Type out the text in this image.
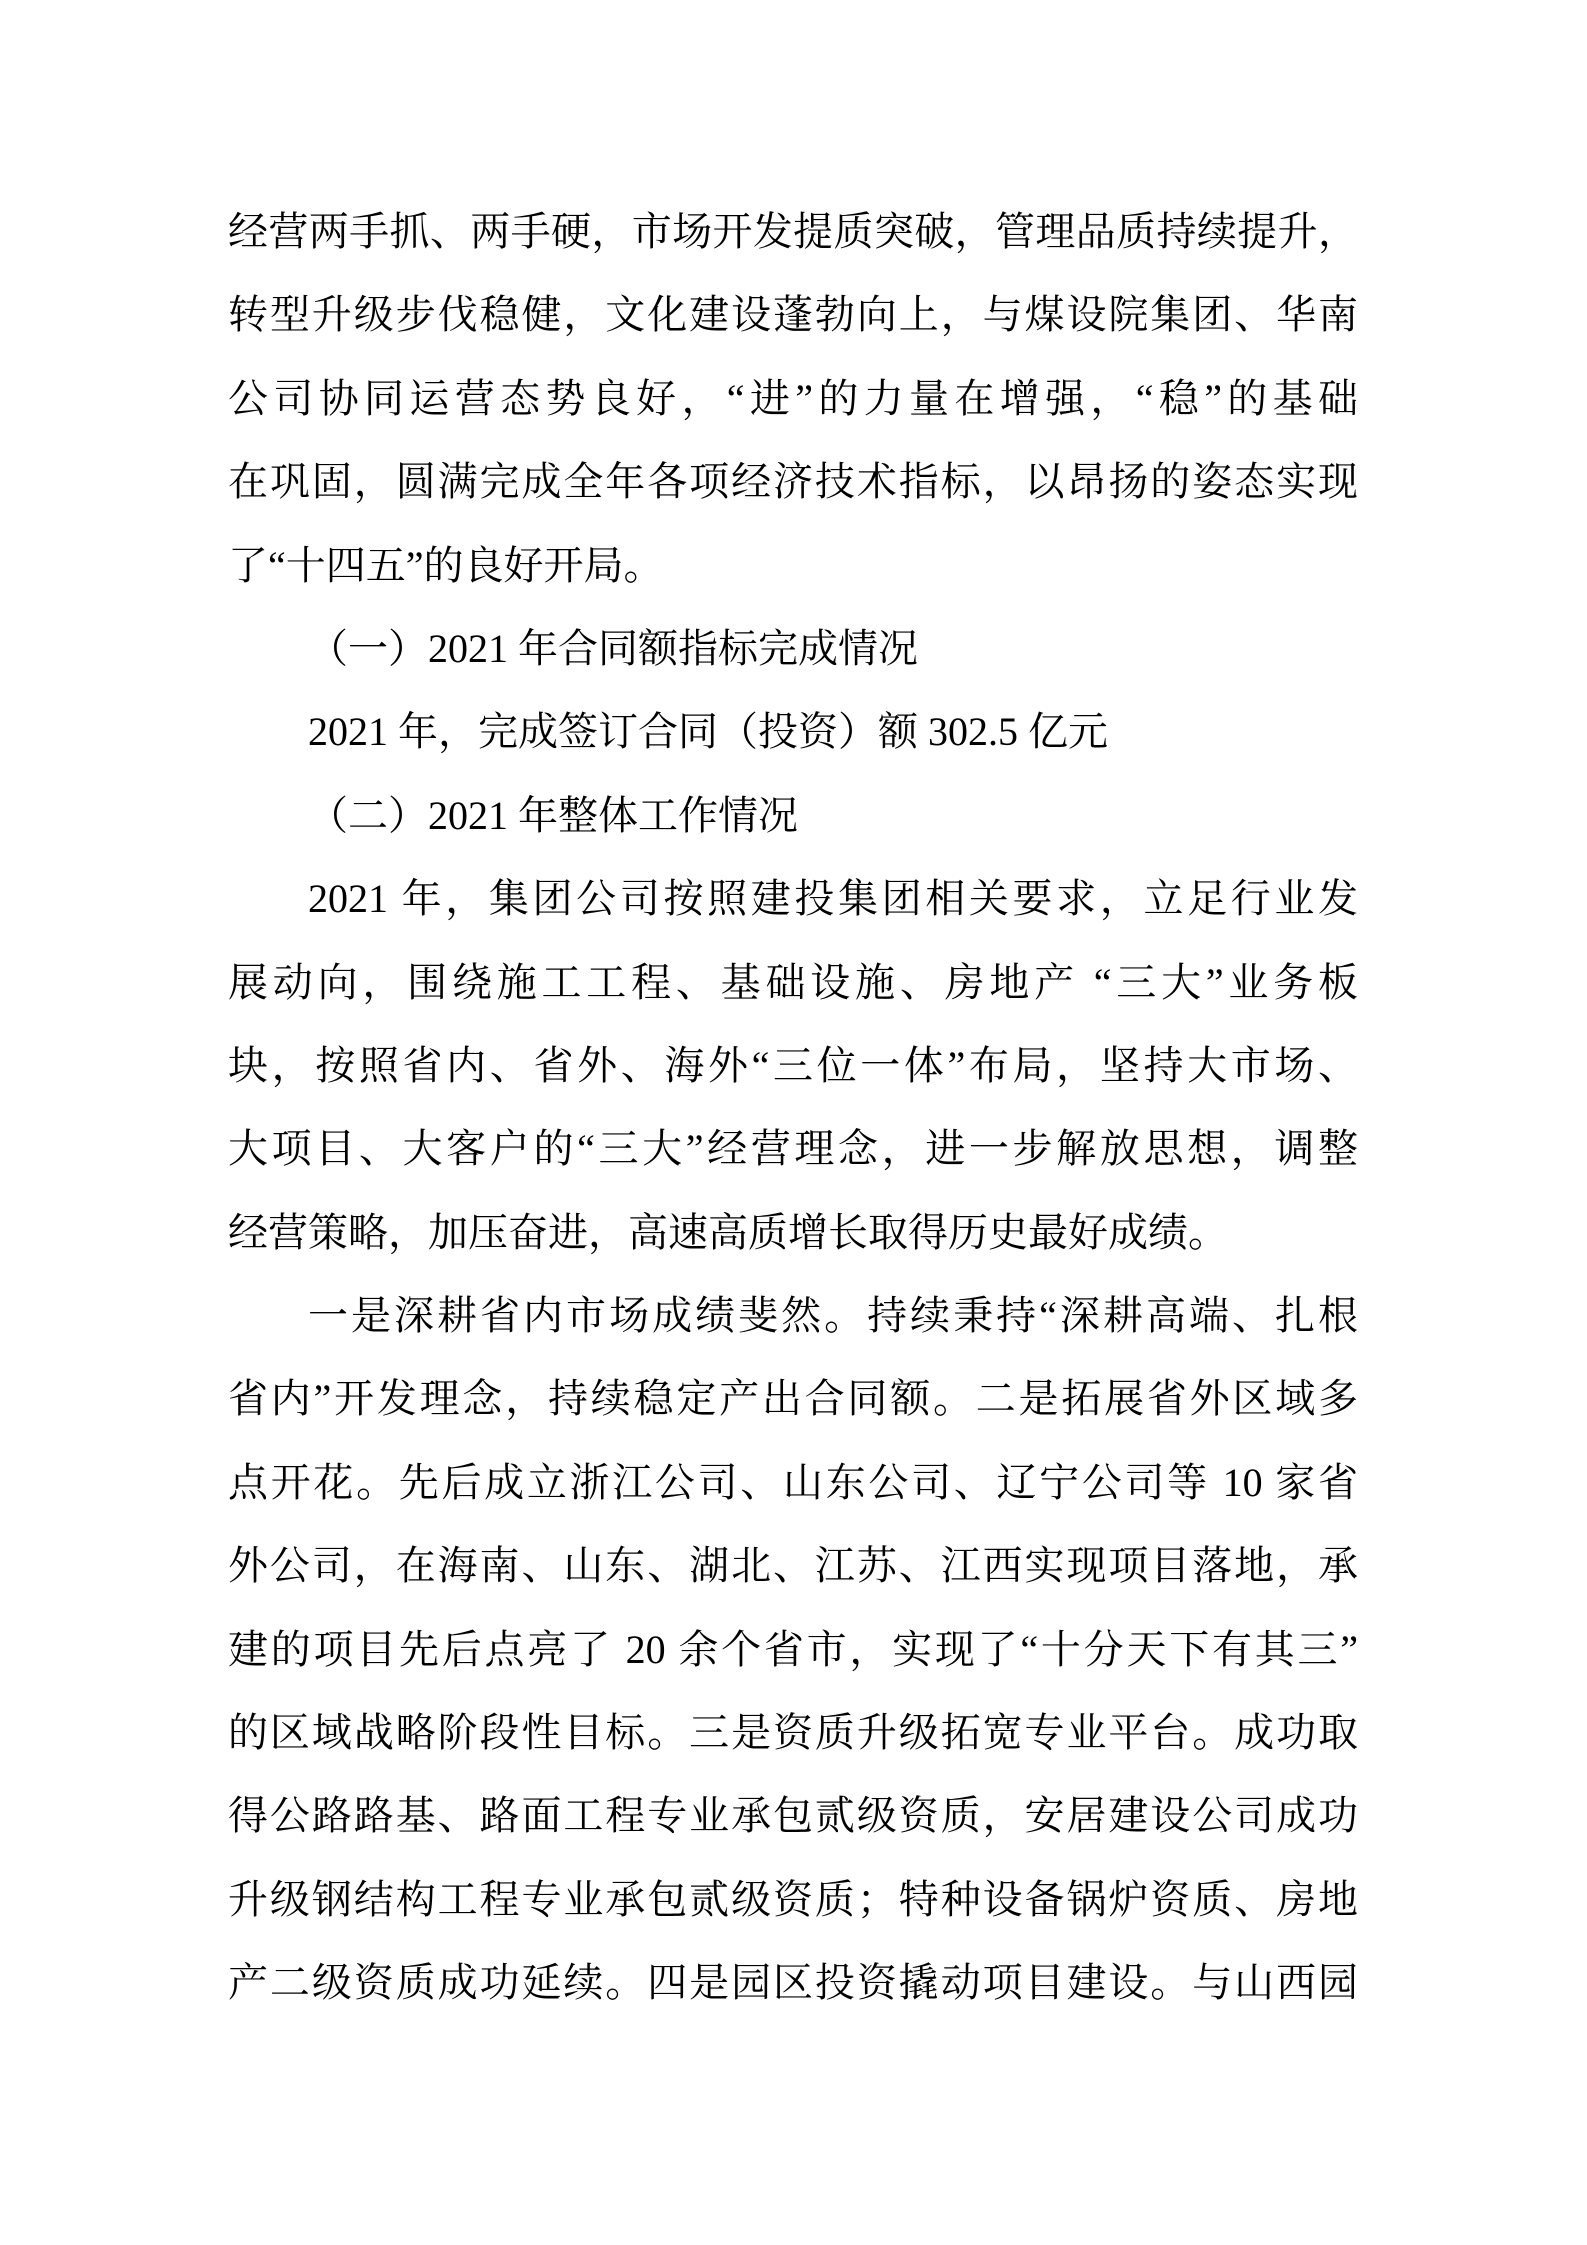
经营两手抓、两手硬，市场开发提质突破，管理品质持续提升，
转型升级步伐稳健，文化建设蓬勃向上，与煤设院集团、华南
公司协同运营态势良好，“进”的力量在增强，“稳”的基础
在巩固，圆满完成全年各项经济技术指标，以昂扬的姿态实现
了“十四五”的良好开局。
（一）2021 年合同额指标完成情况
2021 年，完成签订合同（投资）额 302.5 亿元
（二）2021 年整体工作情况
2021 年，集团公司按照建投集团相关要求，立足行业发
展动向，围绕施工工程、基础设施、房地产 “三大”业务板
块，按照省内、省外、海外“三位一体”布局，坚持大市场、
大项目、大客户的“三大”经营理念，进一步解放思想，调整
经营策略，加压奋进，高速高质增长取得历史最好成绩。
一是深耕省内市场成绩斐然。持续秉持“深耕高端、扎根
省内”开发理念，持续稳定产出合同额。二是拓展省外区域多
点开花。先后成立浙江公司、山东公司、辽宁公司等 10 家省
外公司，在海南、山东、湖北、江苏、江西实现项目落地，承
建的项目先后点亮了 20 余个省市，实现了“十分天下有其三”
的区域战略阶段性目标。三是资质升级拓宽专业平台。成功取
得公路路基、路面工程专业承包贰级资质，安居建设公司成功
升级钢结构工程专业承包贰级资质；特种设备锅炉资质、房地
产二级资质成功延续。四是园区投资撬动项目建设。与山西园
